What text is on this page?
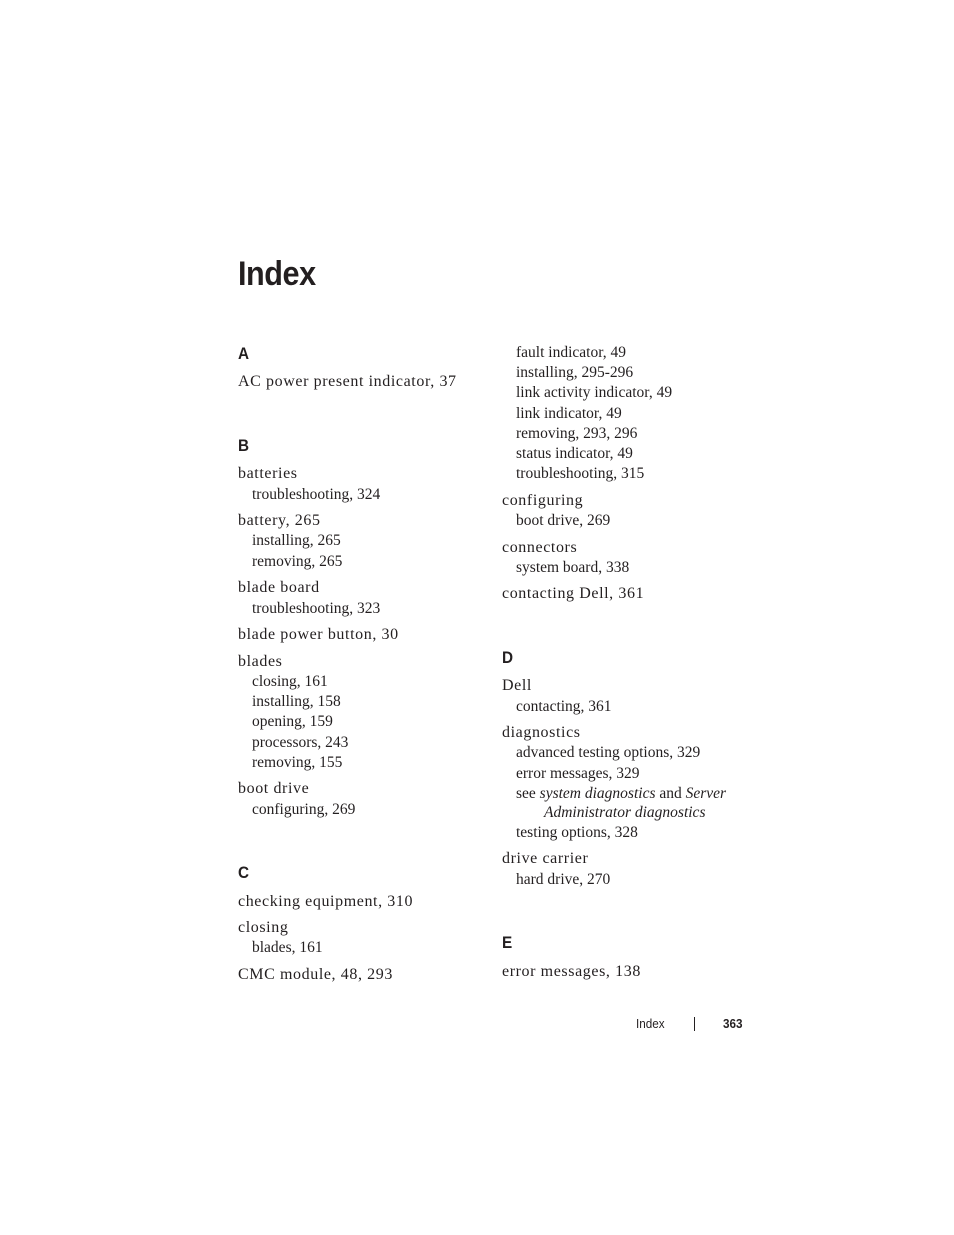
Index

A

AC power present indicator, 37

B

batteries

troubleshooting, 324

battery, 265

installing, 265

removing, 265

blade board

troubleshooting, 323

blade power button, 30

blades

closing, 161

installing, 158

opening, 159

processors, 243

removing, 155

boot drive

configuring, 269

C

checking equipment, 310

closing

blades, 161

CMC module, 48, 293

fault indicator, 49

installing, 295-296

link activity indicator, 49

link indicator, 49

removing, 293, 296

status indicator, 49

troubleshooting, 315

configuring

boot drive, 269

connectors

system board, 338

contacting Dell, 361

D

Dell

contacting, 361

diagnostics

advanced testing options, 329

error messages, 329

see system diagnostics and Server

Administrator diagnostics

testing options, 328

drive carrier

hard drive, 270

E

error messages, 138

Index	363
